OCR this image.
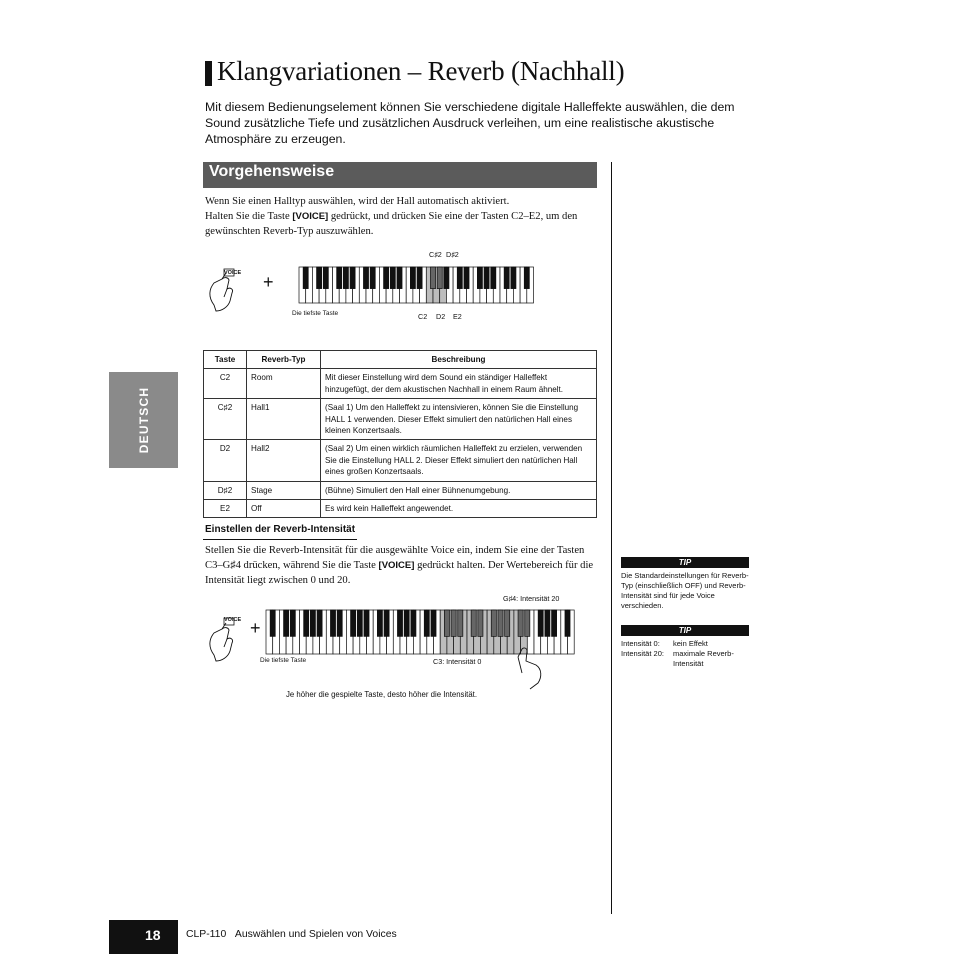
Klangvariationen – Reverb (Nachhall)
Mit diesem Bedienungselement können Sie verschiedene digitale Halleffekte auswählen, die dem Sound zusätzliche Tiefe und zusätzlichen Ausdruck verleihen, um eine realistische akustische Atmosphäre zu erzeugen.
Vorgehensweise
DEUTSCH
Wenn Sie einen Halltyp auswählen, wird der Hall automatisch aktiviert.
Halten Sie die Taste [VOICE] gedrückt, und drücken Sie eine der Tasten C2–E2, um den gewünschten Reverb-Typ auszuwählen.
VOICE +
C♯2 D♯2
C2 D2 E2
Die tiefste Taste
Taste	Reverb-Typ	Beschreibung
C2	Room	Mit dieser Einstellung wird dem Sound ein ständiger Halleffekt hinzugefügt, der dem akustischen Nachhall in einem Raum ähnelt.
C♯2	Hall1	(Saal 1) Um den Halleffekt zu intensivieren, können Sie die Einstellung HALL 1 verwenden. Dieser Effekt simuliert den natürlichen Hall eines kleinen Konzertsaals.
D2	Hall2	(Saal 2) Um einen wirklich räumlichen Halleffekt zu erzielen, verwenden Sie die Einstellung HALL 2. Dieser Effekt simuliert den natürlichen Hall eines großen Konzertsaals.
D♯2	Stage	(Bühne) Simuliert den Hall einer Bühnenumgebung.
E2	Off	Es wird kein Halleffekt angewendet.
Einstellen der Reverb-Intensität
Stellen Sie die Reverb-Intensität für die ausgewählte Voice ein, indem Sie eine der Tasten C3–G♯4 drücken, während Sie die Taste [VOICE] gedrückt halten. Der Wertebereich für die Intensität liegt zwischen 0 und 20.
VOICE +
G♯4: Intensität 20
C3: Intensität 0
Die tiefste Taste
Je höher die gespielte Taste, desto höher die Intensität.
TIP
Die Standardeinstellungen für Reverb-Typ (einschließlich OFF) und Reverb-Intensität sind für jede Voice verschieden.
TIP
Intensität 0:	kein Effekt
Intensität 20:	maximale Reverb-Intensität
18 CLP-110 Auswählen und Spielen von Voices
